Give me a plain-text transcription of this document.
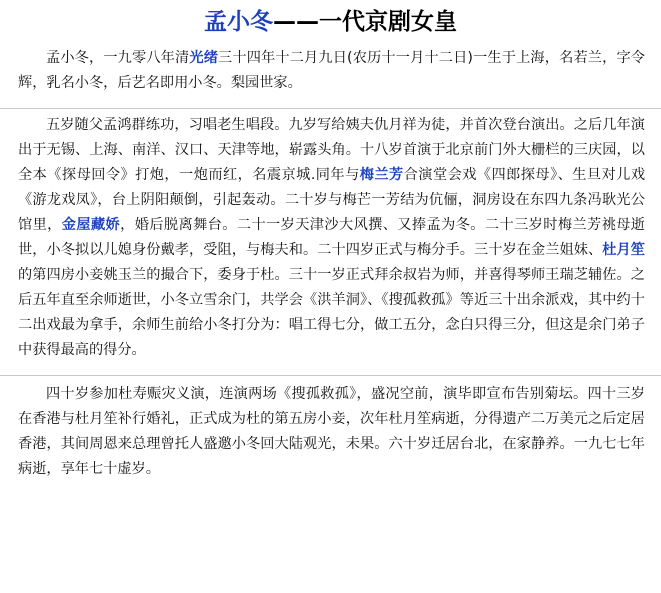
孟小冬——一代京剧女皇

孟小冬，一九零八年清光绪三十四年十二月九日(农历十一月十二日)一生于上海，名若兰，字令辉，乳名小冬，后艺名即用小冬。梨园世家。

五岁随父孟鸿群练功，习唱老生唱段。九岁写给姨夫仇月祥为徒，并首次登台演出。之后几年演出于无锡、上海、南洋、汉口、天津等地，崭露头角。十八岁首演于北京前门外大栅栏的三庆园，以全本《探母回令》打炮，一炮而红，名震京城.同年与梅兰芳合演堂会戏《四郎探母》、生旦对儿戏《游龙戏凤》，台上阴阳颠倒，引起轰动。二十岁与梅芒一芳结为伉俪，洞房设在东四九条冯耿光公馆里，金屋藏娇，婚后脱离舞台。二十一岁天津沙大风撰、又捧孟为冬。二十三岁时梅兰芳祧母逝世，小冬拟以儿媳身份戴孝，受阻，与梅夫和。二十四岁正式与梅分手。三十岁在金兰姐妹、杜月笙的第四房小妾姚玉兰的撮合下，委身于杜。三十一岁正式拜余叔岩为师，并喜得琴师王瑞芝辅佐。之后五年直至余师逝世，小冬立雪余门，共学会《洪羊洞》、《搜孤救孤》等近三十出余派戏，其中约十二出戏最为拿手，余师生前给小冬打分为：唱工得七分，做工五分，念白只得三分，但这是余门弟子中获得最高的得分。

四十岁参加杜寿赈灾义演，连演两场《搜孤救孤》，盛况空前，演毕即宣布告别菊坛。四十三岁在香港与杜月笙补行婚礼，正式成为杜的第五房小妾，次年杜月笙病逝，分得遗产二万美元之后定居香港，其间周恩来总理曾托人盛邀小冬回大陆观光，未果。六十岁迁居台北，在家静养。一九七七年病逝，享年七十虚岁。
